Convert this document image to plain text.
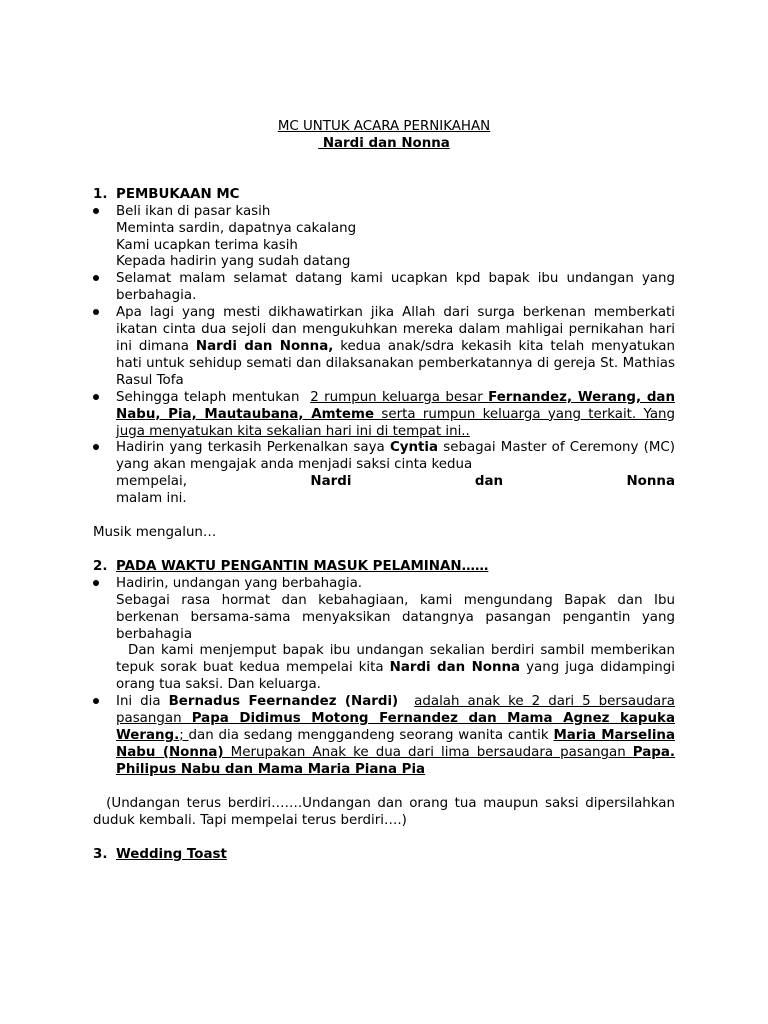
MC UNTUK ACARA PERNIKAHAN
Nardi dan Nonna
1. PEMBUKAAN MC
Beli ikan di pasar kasih
Meminta sardin, dapatnya cakalang
Kami ucapkan terima kasih
Kepada hadirin yang sudah datang
Selamat malam selamat datang kami ucapkan kpd bapak ibu undangan yang berbahagia.
Apa lagi yang mesti dikhawatirkan jika Allah dari surga berkenan memberkati ikatan cinta dua sejoli dan mengukuhkan mereka dalam mahligai pernikahan hari ini dimana Nardi dan Nonna, kedua anak/sdra kekasih kita telah menyatukan hati untuk sehidup semati dan dilaksanakan pemberkatannya di gereja St. Mathias Rasul Tofa
Sehingga telaph mentukan  2 rumpun keluarga besar Fernandez, Werang, dan Nabu, Pia, Mautaubana, Amteme serta rumpun keluarga yang terkait. Yang juga menyatukan kita sekalian hari ini di tempat ini..
Hadirin yang terkasih Perkenalkan saya Cyntia sebagai Master of Ceremony (MC) yang akan mengajak anda menjadi saksi cinta kedua
mempelai,	Nardi	dan	Nonna
malam ini.

Musik mengalun…

2. PADA WAKTU PENGANTIN MASUK PELAMINAN……
Hadirin, undangan yang berbahagia.
Sebagai rasa hormat dan kebahagiaan, kami mengundang Bapak dan Ibu berkenan bersama-sama menyaksikan datangnya pasangan pengantin yang berbahagia
Dan kami menjemput bapak ibu undangan sekalian berdiri sambil memberikan tepuk sorak buat kedua mempelai kita Nardi dan Nonna yang juga didampingi orang tua saksi. Dan keluarga.
Ini dia Bernadus Feernandez (Nardi) adalah anak ke 2 dari 5 bersaudara pasangan Papa Didimus Motong Fernandez dan Mama Agnez kapuka Werang.; dan dia sedang menggandeng seorang wanita cantik Maria Marselina Nabu (Nonna) Merupakan Anak ke dua dari lima bersaudara pasangan Papa. Philipus Nabu dan Mama Maria Piana Pia

(Undangan terus berdiri…….Undangan dan orang tua maupun saksi dipersilahkan duduk kembali. Tapi mempelai terus berdiri….)

3. Wedding Toast
